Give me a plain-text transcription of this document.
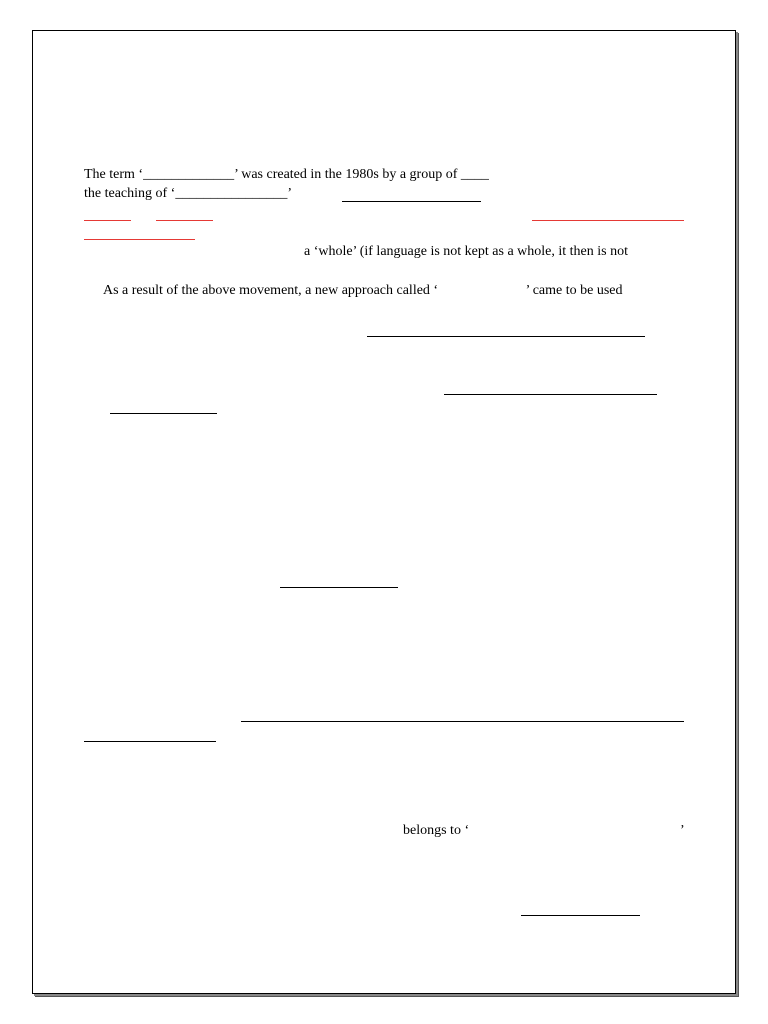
The term ‘_____________’ was created in the 1980s by a group of ____
the teaching of ‘________________’
a ‘whole’ (if language is not kept as a whole, it then is not
As a result of the above movement, a new approach called ‘                         ’ came to be used
belongs to ‘	’
